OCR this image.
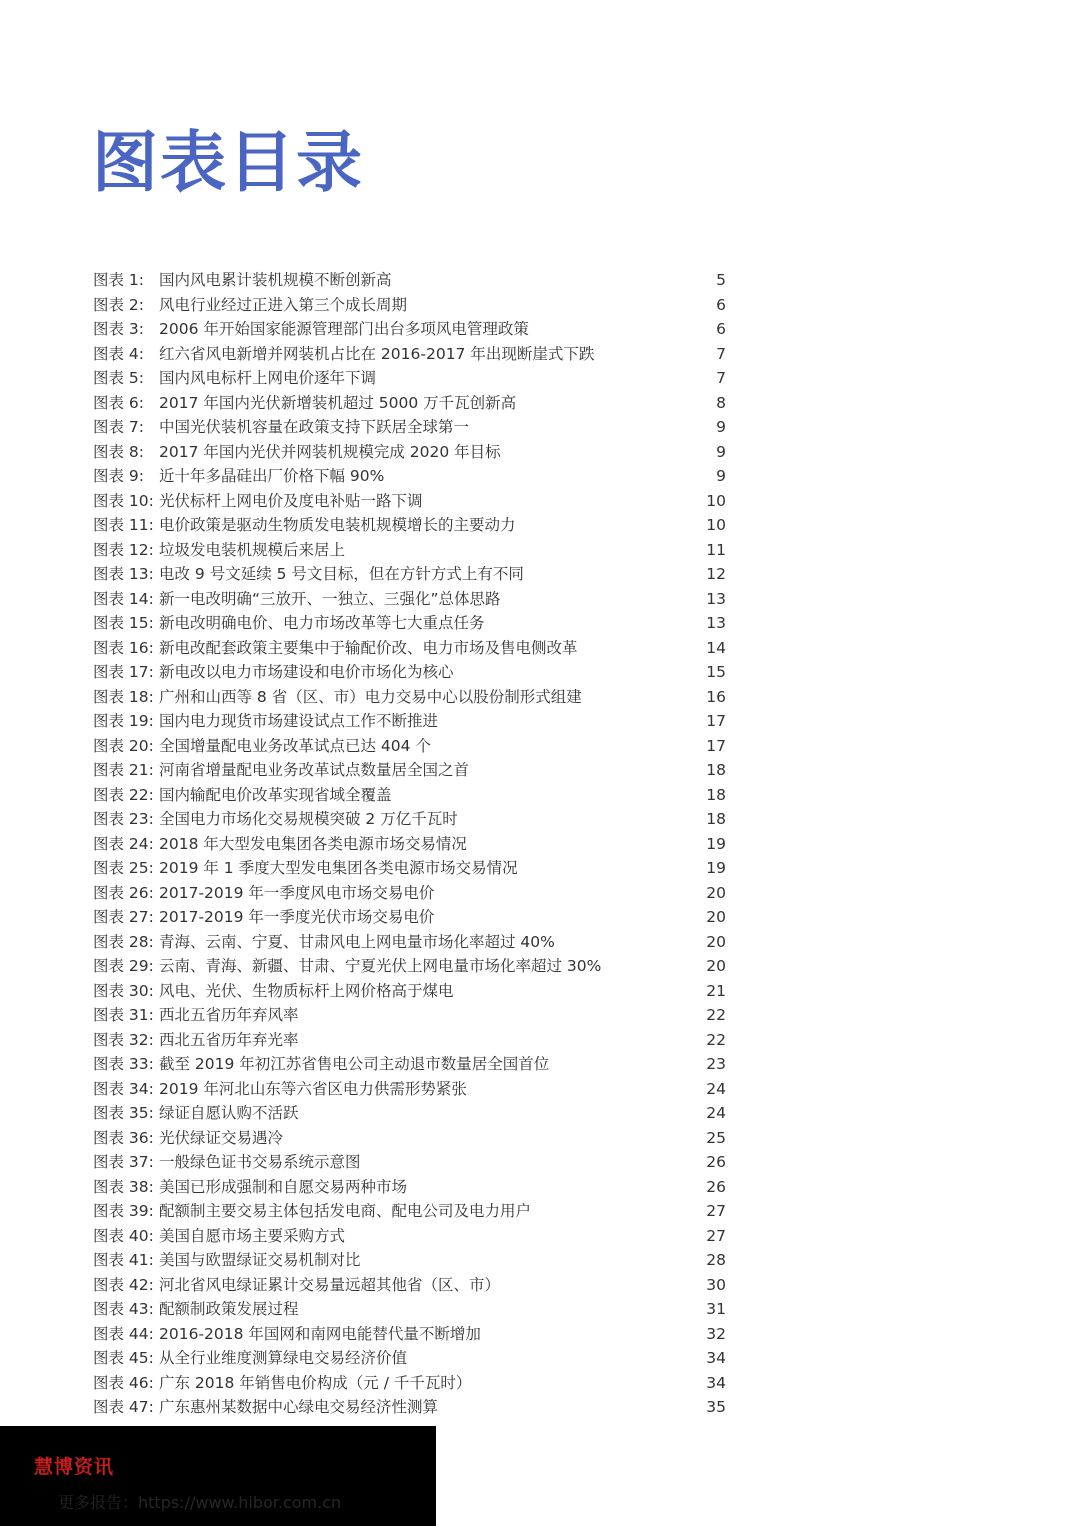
图表目录
图表 1: 国内风电累计装机规模不断创新高	5
图表 2: 风电行业经过正进入第三个成长周期	6
图表 3: 2006 年开始国家能源管理部门出台多项风电管理政策	6
图表 4: 红六省风电新增并网装机占比在 2016-2017 年出现断崖式下跌	7
图表 5: 国内风电标杆上网电价逐年下调	7
图表 6: 2017 年国内光伏新增装机超过 5000 万千瓦创新高	8
图表 7: 中国光伏装机容量在政策支持下跃居全球第一	9
图表 8: 2017 年国内光伏并网装机规模完成 2020 年目标	9
图表 9: 近十年多晶硅出厂价格下幅 90%	9
图表 10: 光伏标杆上网电价及度电补贴一路下调	10
图表 11: 电价政策是驱动生物质发电装机规模增长的主要动力	10
图表 12: 垃圾发电装机规模后来居上	11
图表 13: 电改 9 号文延续 5 号文目标，但在方针方式上有不同	12
图表 14: 新一电改明确“三放开、一独立、三强化”总体思路	13
图表 15: 新电改明确电价、电力市场改革等七大重点任务	13
图表 16: 新电改配套政策主要集中于输配价改、电力市场及售电侧改革	14
图表 17: 新电改以电力市场建设和电价市场化为核心	15
图表 18: 广州和山西等 8 省（区、市）电力交易中心以股份制形式组建	16
图表 19: 国内电力现货市场建设试点工作不断推进	17
图表 20: 全国增量配电业务改革试点已达 404 个	17
图表 21: 河南省增量配电业务改革试点数量居全国之首	18
图表 22: 国内输配电价改革实现省域全覆盖	18
图表 23: 全国电力市场化交易规模突破 2 万亿千瓦时	18
图表 24: 2018 年大型发电集团各类电源市场交易情况	19
图表 25: 2019 年 1 季度大型发电集团各类电源市场交易情况	19
图表 26: 2017-2019 年一季度风电市场交易电价	20
图表 27: 2017-2019 年一季度光伏市场交易电价	20
图表 28: 青海、云南、宁夏、甘肃风电上网电量市场化率超过 40%	20
图表 29: 云南、青海、新疆、甘肃、宁夏光伏上网电量市场化率超过 30%	20
图表 30: 风电、光伏、生物质标杆上网价格高于煤电	21
图表 31: 西北五省历年弃风率	22
图表 32: 西北五省历年弃光率	22
图表 33: 截至 2019 年初江苏省售电公司主动退市数量居全国首位	23
图表 34: 2019 年河北山东等六省区电力供需形势紧张	24
图表 35: 绿证自愿认购不活跃	24
图表 36: 光伏绿证交易遇冷	25
图表 37: 一般绿色证书交易系统示意图	26
图表 38: 美国已形成强制和自愿交易两种市场	26
图表 39: 配额制主要交易主体包括发电商、配电公司及电力用户	27
图表 40: 美国自愿市场主要采购方式	27
图表 41: 美国与欧盟绿证交易机制对比	28
图表 42: 河北省风电绿证累计交易量远超其他省（区、市）	30
图表 43: 配额制政策发展过程	31
图表 44: 2016-2018 年国网和南网电能替代量不断增加	32
图表 45: 从全行业维度测算绿电交易经济价值	34
图表 46: 广东 2018 年销售电价构成（元 / 千千瓦时）	34
图表 47: 广东惠州某数据中心绿电交易经济性测算	35
慧博资讯
更多报告：https://www.hibor.com.cn
